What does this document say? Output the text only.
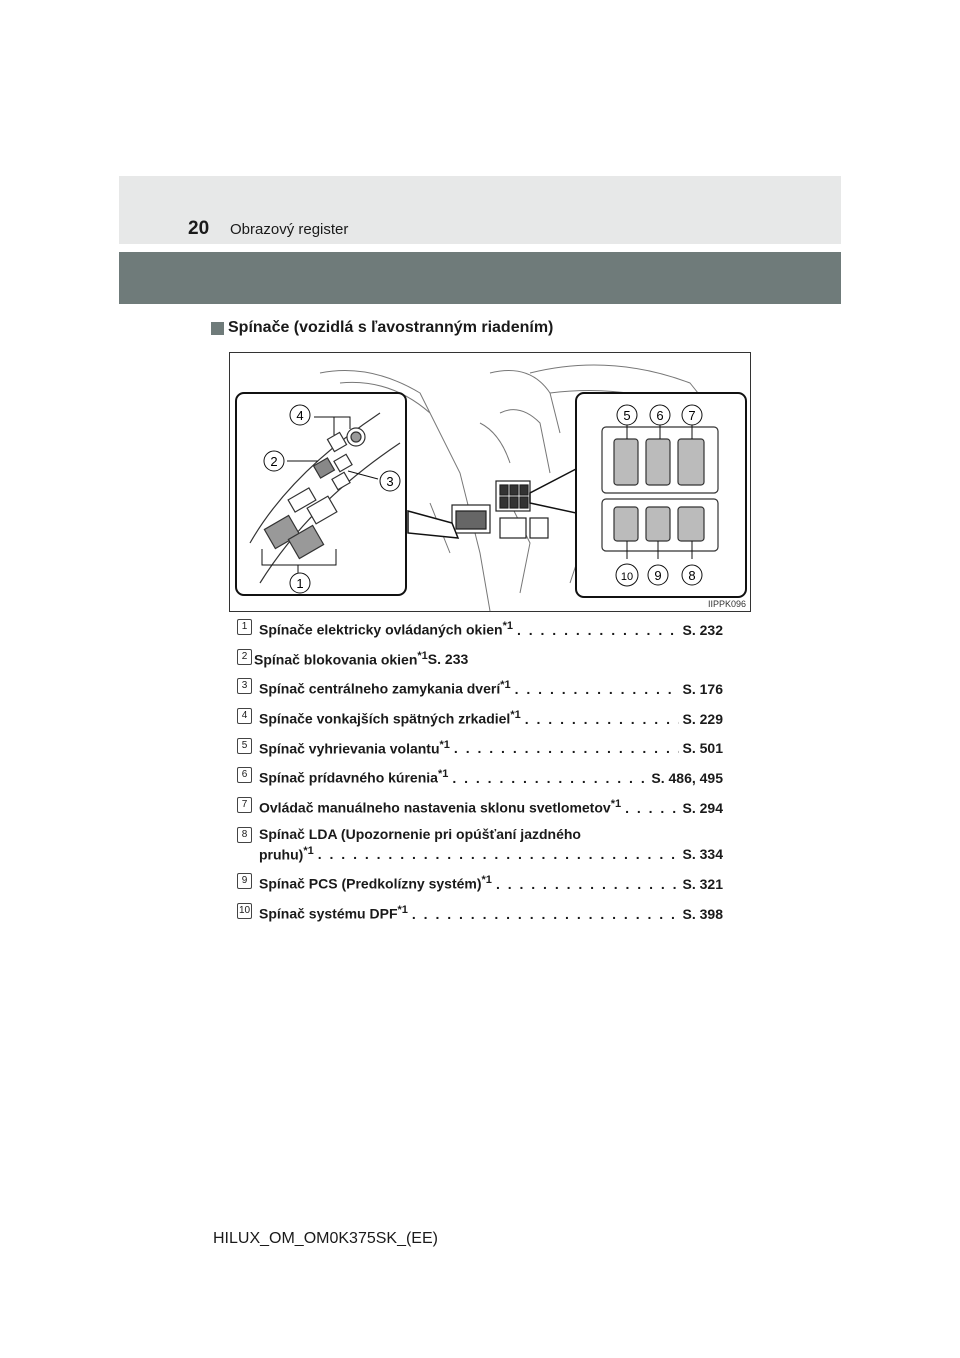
20 Obrazový register
Spínače (vozidlá s ľavostranným riadením)
4
2
3
1
5 6 7
10 9 8
IIPPK096
1 Spínače elektricky ovládaných okien$^{*1}$ . . .	S. 232
2 Spínač blokovania okien$^{*1}$ S. 233
3 Spínač centrálneho zamykania dverí$^{*1}$ . . .	S. 176
4 Spínače vonkajších spätných zrkadiel$^{*1}$ . . .	S. 229
5 Spínač vyhrievania volantu$^{*1}$ . . .	S. 501
6 Spínač prídavného kúrenia$^{*1}$ . . .	S. 486, 495
7 Ovládač manuálneho nastavenia sklonu svetlometov$^{*1}$ . . .	S. 294
8 Spínač LDA (Upozornenie pri opúšťaní jazdného
pruhu)$^{*1}$ . . .	S. 334
9 Spínač PCS (Predkolízny systém)$^{*1}$ . . .	S. 321
10 Spínač systému DPF$^{*1}$ . . .	S. 398
HILUX_OM_OM0K375SK_(EE)
